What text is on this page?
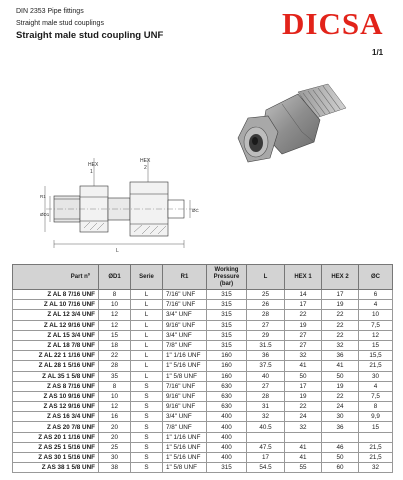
DIN 2353 Pipe fittings
Straight male stud couplings
Straight male stud coupling UNF	DICSA
1/1
HEX
1
HEX
2
R1
ØD1
ØC
L
Part nº	ØD1	Serie	R1	Working Pressure (bar)	L	HEX 1	HEX 2	ØC
Z AL 8 7/16 UNF	8	L	7/16" UNF	315	25	14	17	6
Z AL 10 7/16 UNF	10	L	7/16" UNF	315	26	17	19	4
Z AL 12 3/4 UNF	12	L	3/4" UNF	315	28	22	22	10
Z AL 12 9/16 UNF	12	L	9/16" UNF	315	27	19	22	7,5
Z AL 15 3/4 UNF	15	L	3/4" UNF	315	29	27	22	12
Z AL 18 7/8 UNF	18	L	7/8" UNF	315	31.5	27	32	15
Z AL 22 1 1/16 UNF	22	L	1" 1/16 UNF	160	36	32	36	15,5
Z AL 28 1 5/16 UNF	28	L	1" 5/16 UNF	160	37.5	41	41	21,5
Z AL 35 1 5/8 UNF	35	L	1" 5/8 UNF	160	40	50	50	30
Z AS 8 7/16 UNF	8	S	7/16" UNF	630	27	17	19	4
Z AS 10 9/16 UNF	10	S	9/16" UNF	630	28	19	22	7,5
Z AS 12 9/16 UNF	12	S	9/16" UNF	630	31	22	24	8
Z AS 16 3/4 UNF	16	S	3/4" UNF	400	32	24	30	9,9
Z AS 20 7/8 UNF	20	S	7/8" UNF	400	40.5	32	36	15
Z AS 20 1 1/16 UNF	20	S	1" 1/16 UNF	400				
Z AS 25 1 5/16 UNF	25	S	1" 5/16 UNF	400	47.5	41	46	21,5
Z AS 30 1 5/16 UNF	30	S	1" 5/16 UNF	400	17	41	50	21,5
Z AS 38 1 5/8 UNF	38	S	1" 5/8 UNF	315	54.5	55	60	32
